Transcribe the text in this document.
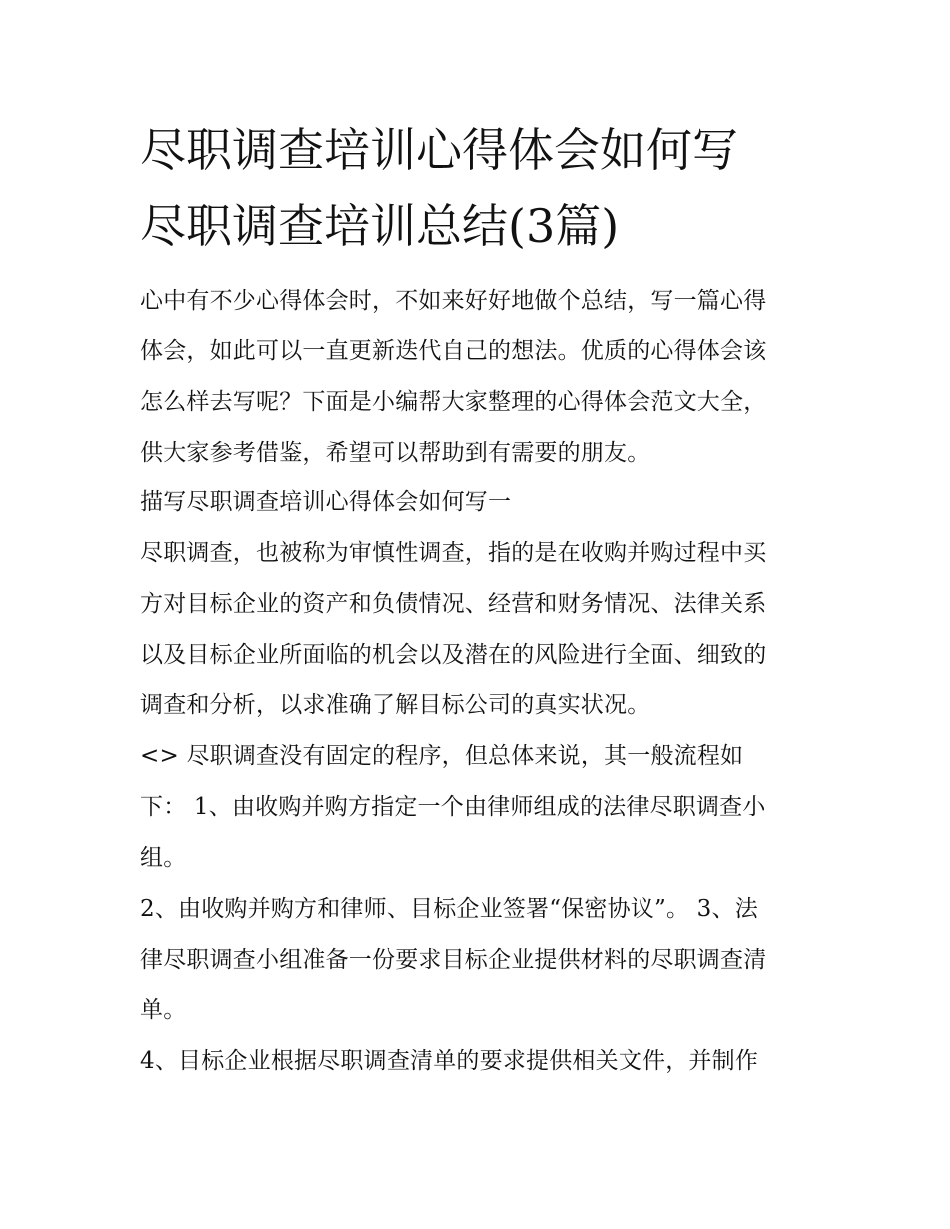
尽职调查培训心得体会如何写
尽职调查培训总结(3篇)
心中有不少心得体会时，不如来好好地做个总结，写一篇心得
体会，如此可以一直更新迭代自己的想法。优质的心得体会该
怎么样去写呢？下面是小编帮大家整理的心得体会范文大全，
供大家参考借鉴，希望可以帮助到有需要的朋友。
描写尽职调查培训心得体会如何写一
尽职调查，也被称为审慎性调查，指的是在收购并购过程中买
方对目标企业的资产和负债情况、经营和财务情况、法律关系
以及目标企业所面临的机会以及潜在的风险进行全面、细致的
调查和分析，以求准确了解目标公司的真实状况。
<> 尽职调查没有固定的程序，但总体来说，其一般流程如
下： 1、由收购并购方指定一个由律师组成的法律尽职调查小
组。
2、由收购并购方和律师、目标企业签署“保密协议”。 3、法
律尽职调查小组准备一份要求目标企业提供材料的尽职调查清
单。
4、目标企业根据尽职调查清单的要求提供相关文件，并制作
